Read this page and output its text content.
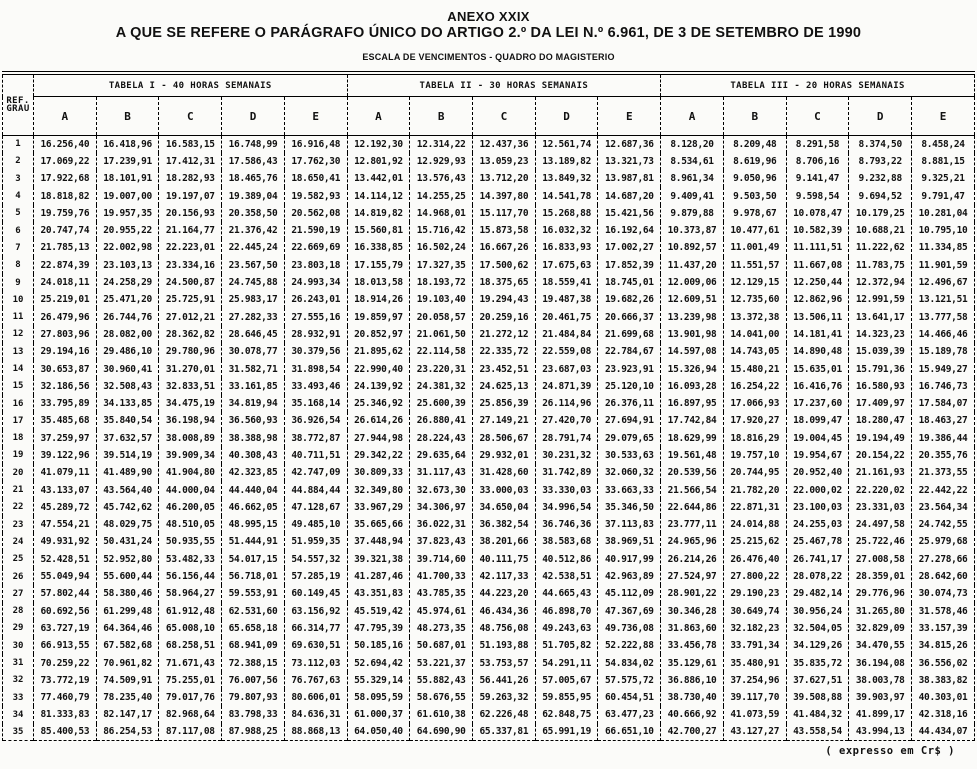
ANEXO XXIX
A QUE SE REFERE O PARÁGRAFO ÚNICO DO ARTIGO 2.º DA LEI N.º 6.961, DE 3 DE SETEMBRO DE 1990
ESCALA DE VENCIMENTOS - QUADRO DO MAGISTERIO
REF.
GRAU	TABELA I - 40 HORAS SEMANAIS					TABELA II - 30 HORAS SEMANAIS					TABELA III - 20 HORAS SEMANAIS				
	A	B	C	D	E	A	B	C	D	E	A	B	C	D	E
1	16.256,40	16.418,96	16.583,15	16.748,99	16.916,48	12.192,30	12.314,22	12.437,36	12.561,74	12.687,36	8.128,20	8.209,48	8.291,58	8.374,50	8.458,24
2	17.069,22	17.239,91	17.412,31	17.586,43	17.762,30	12.801,92	12.929,93	13.059,23	13.189,82	13.321,73	8.534,61	8.619,96	8.706,16	8.793,22	8.881,15
3	17.922,68	18.101,91	18.282,93	18.465,76	18.650,41	13.442,01	13.576,43	13.712,20	13.849,32	13.987,81	8.961,34	9.050,96	9.141,47	9.232,88	9.325,21
4	18.818,82	19.007,00	19.197,07	19.389,04	19.582,93	14.114,12	14.255,25	14.397,80	14.541,78	14.687,20	9.409,41	9.503,50	9.598,54	9.694,52	9.791,47
5	19.759,76	19.957,35	20.156,93	20.358,50	20.562,08	14.819,82	14.968,01	15.117,70	15.268,88	15.421,56	9.879,88	9.978,67	10.078,47	10.179,25	10.281,04
6	20.747,74	20.955,22	21.164,77	21.376,42	21.590,19	15.560,81	15.716,42	15.873,58	16.032,32	16.192,64	10.373,87	10.477,61	10.582,39	10.688,21	10.795,10
7	21.785,13	22.002,98	22.223,01	22.445,24	22.669,69	16.338,85	16.502,24	16.667,26	16.833,93	17.002,27	10.892,57	11.001,49	11.111,51	11.222,62	11.334,85
8	22.874,39	23.103,13	23.334,16	23.567,50	23.803,18	17.155,79	17.327,35	17.500,62	17.675,63	17.852,39	11.437,20	11.551,57	11.667,08	11.783,75	11.901,59
9	24.018,11	24.258,29	24.500,87	24.745,88	24.993,34	18.013,58	18.193,72	18.375,65	18.559,41	18.745,01	12.009,06	12.129,15	12.250,44	12.372,94	12.496,67
10	25.219,01	25.471,20	25.725,91	25.983,17	26.243,01	18.914,26	19.103,40	19.294,43	19.487,38	19.682,26	12.609,51	12.735,60	12.862,96	12.991,59	13.121,51
11	26.479,96	26.744,76	27.012,21	27.282,33	27.555,16	19.859,97	20.058,57	20.259,16	20.461,75	20.666,37	13.239,98	13.372,38	13.506,11	13.641,17	13.777,58
12	27.803,96	28.082,00	28.362,82	28.646,45	28.932,91	20.852,97	21.061,50	21.272,12	21.484,84	21.699,68	13.901,98	14.041,00	14.181,41	14.323,23	14.466,46
13	29.194,16	29.486,10	29.780,96	30.078,77	30.379,56	21.895,62	22.114,58	22.335,72	22.559,08	22.784,67	14.597,08	14.743,05	14.890,48	15.039,39	15.189,78
14	30.653,87	30.960,41	31.270,01	31.582,71	31.898,54	22.990,40	23.220,31	23.452,51	23.687,03	23.923,91	15.326,94	15.480,21	15.635,01	15.791,36	15.949,27
15	32.186,56	32.508,43	32.833,51	33.161,85	33.493,46	24.139,92	24.381,32	24.625,13	24.871,39	25.120,10	16.093,28	16.254,22	16.416,76	16.580,93	16.746,73
16	33.795,89	34.133,85	34.475,19	34.819,94	35.168,14	25.346,92	25.600,39	25.856,39	26.114,96	26.376,11	16.897,95	17.066,93	17.237,60	17.409,97	17.584,07
17	35.485,68	35.840,54	36.198,94	36.560,93	36.926,54	26.614,26	26.880,41	27.149,21	27.420,70	27.694,91	17.742,84	17.920,27	18.099,47	18.280,47	18.463,27
18	37.259,97	37.632,57	38.008,89	38.388,98	38.772,87	27.944,98	28.224,43	28.506,67	28.791,74	29.079,65	18.629,99	18.816,29	19.004,45	19.194,49	19.386,44
19	39.122,96	39.514,19	39.909,34	40.308,43	40.711,51	29.342,22	29.635,64	29.932,01	30.231,32	30.533,63	19.561,48	19.757,10	19.954,67	20.154,22	20.355,76
20	41.079,11	41.489,90	41.904,80	42.323,85	42.747,09	30.809,33	31.117,43	31.428,60	31.742,89	32.060,32	20.539,56	20.744,95	20.952,40	21.161,93	21.373,55
21	43.133,07	43.564,40	44.000,04	44.440,04	44.884,44	32.349,80	32.673,30	33.000,03	33.330,03	33.663,33	21.566,54	21.782,20	22.000,02	22.220,02	22.442,22
22	45.289,72	45.742,62	46.200,05	46.662,05	47.128,67	33.967,29	34.306,97	34.650,04	34.996,54	35.346,50	22.644,86	22.871,31	23.100,03	23.331,03	23.564,34
23	47.554,21	48.029,75	48.510,05	48.995,15	49.485,10	35.665,66	36.022,31	36.382,54	36.746,36	37.113,83	23.777,11	24.014,88	24.255,03	24.497,58	24.742,55
24	49.931,92	50.431,24	50.935,55	51.444,91	51.959,35	37.448,94	37.823,43	38.201,66	38.583,68	38.969,51	24.965,96	25.215,62	25.467,78	25.722,46	25.979,68
25	52.428,51	52.952,80	53.482,33	54.017,15	54.557,32	39.321,38	39.714,60	40.111,75	40.512,86	40.917,99	26.214,26	26.476,40	26.741,17	27.008,58	27.278,66
26	55.049,94	55.600,44	56.156,44	56.718,01	57.285,19	41.287,46	41.700,33	42.117,33	42.538,51	42.963,89	27.524,97	27.800,22	28.078,22	28.359,01	28.642,60
27	57.802,44	58.380,46	58.964,27	59.553,91	60.149,45	43.351,83	43.785,35	44.223,20	44.665,43	45.112,09	28.901,22	29.190,23	29.482,14	29.776,96	30.074,73
28	60.692,56	61.299,48	61.912,48	62.531,60	63.156,92	45.519,42	45.974,61	46.434,36	46.898,70	47.367,69	30.346,28	30.649,74	30.956,24	31.265,80	31.578,46
29	63.727,19	64.364,46	65.008,10	65.658,18	66.314,77	47.795,39	48.273,35	48.756,08	49.243,63	49.736,08	31.863,60	32.182,23	32.504,05	32.829,09	33.157,39
30	66.913,55	67.582,68	68.258,51	68.941,09	69.630,51	50.185,16	50.687,01	51.193,88	51.705,82	52.222,88	33.456,78	33.791,34	34.129,26	34.470,55	34.815,26
31	70.259,22	70.961,82	71.671,43	72.388,15	73.112,03	52.694,42	53.221,37	53.753,57	54.291,11	54.834,02	35.129,61	35.480,91	35.835,72	36.194,08	36.556,02
32	73.772,19	74.509,91	75.255,01	76.007,56	76.767,63	55.329,14	55.882,43	56.441,26	57.005,67	57.575,72	36.886,10	37.254,96	37.627,51	38.003,78	38.383,82
33	77.460,79	78.235,40	79.017,76	79.807,93	80.606,01	58.095,59	58.676,55	59.263,32	59.855,95	60.454,51	38.730,40	39.117,70	39.508,88	39.903,97	40.303,01
34	81.333,83	82.147,17	82.968,64	83.798,33	84.636,31	61.000,37	61.610,38	62.226,48	62.848,75	63.477,23	40.666,92	41.073,59	41.484,32	41.899,17	42.318,16
35	85.400,53	86.254,53	87.117,08	87.988,25	88.868,13	64.050,40	64.690,90	65.337,81	65.991,19	66.651,10	42.700,27	43.127,27	43.558,54	43.994,13	44.434,07
( expresso em Cr$ )
